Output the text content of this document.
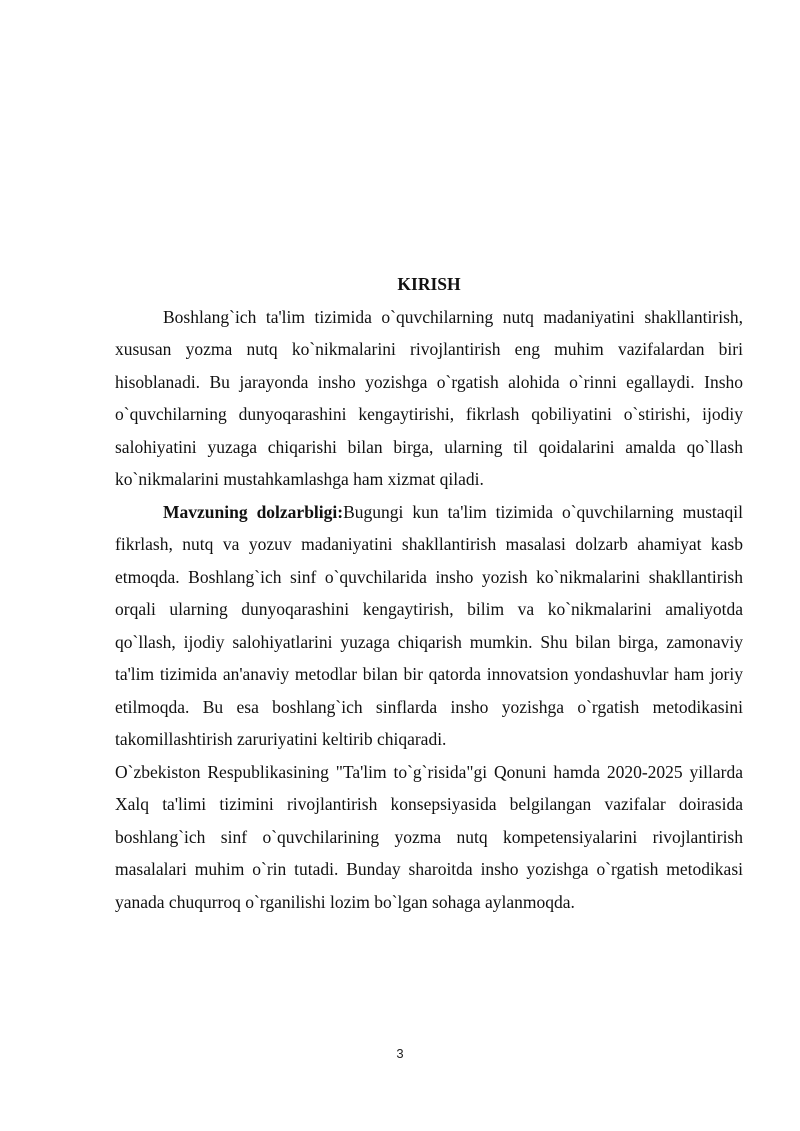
KIRISH

Boshlang`ich ta'lim tizimida o`quvchilarning nutq madaniyatini shakllantirish, xususan yozma nutq ko`nikmalarini rivojlantirish eng muhim vazifalardan biri hisoblanadi. Bu jarayonda insho yozishga o`rgatish alohida o`rinni egallaydi. Insho o`quvchilarning dunyoqarashini kengaytirishi, fikrlash qobiliyatini o`stirishi, ijodiy salohiyatini yuzaga chiqarishi bilan birga, ularning til qoidalarini amalda qo`llash ko`nikmalarini mustahkamlashga ham xizmat qiladi.

Mavzuning dolzarbligi:Bugungi kun ta'lim tizimida o`quvchilarning mustaqil fikrlash, nutq va yozuv madaniyatini shakllantirish masalasi dolzarb ahamiyat kasb etmoqda. Boshlang`ich sinf o`quvchilarida insho yozish ko`nikmalarini shakllantirish orqali ularning dunyoqarashini kengaytirish, bilim va ko`nikmalarini amaliyotda qo`llash, ijodiy salohiyatlarini yuzaga chiqarish mumkin. Shu bilan birga, zamonaviy ta'lim tizimida an'anaviy metodlar bilan bir qatorda innovatsion yondashuvlar ham joriy etilmoqda. Bu esa boshlang`ich sinflarda insho yozishga o`rgatish metodikasini takomillashtirish zaruriyatini keltirib chiqaradi.

O`zbekiston Respublikasining "Ta'lim to`g`risida"gi Qonuni hamda 2020-2025 yillarda Xalq ta'limi tizimini rivojlantirish konsepsiyasida belgilangan vazifalar doirasida boshlang`ich sinf o`quvchilarining yozma nutq kompetensiyalarini rivojlantirish masalalari muhim o`rin tutadi. Bunday sharoitda insho yozishga o`rgatish metodikasi yanada chuqurroq o`rganilishi lozim bo`lgan sohaga aylanmoqda.

3
